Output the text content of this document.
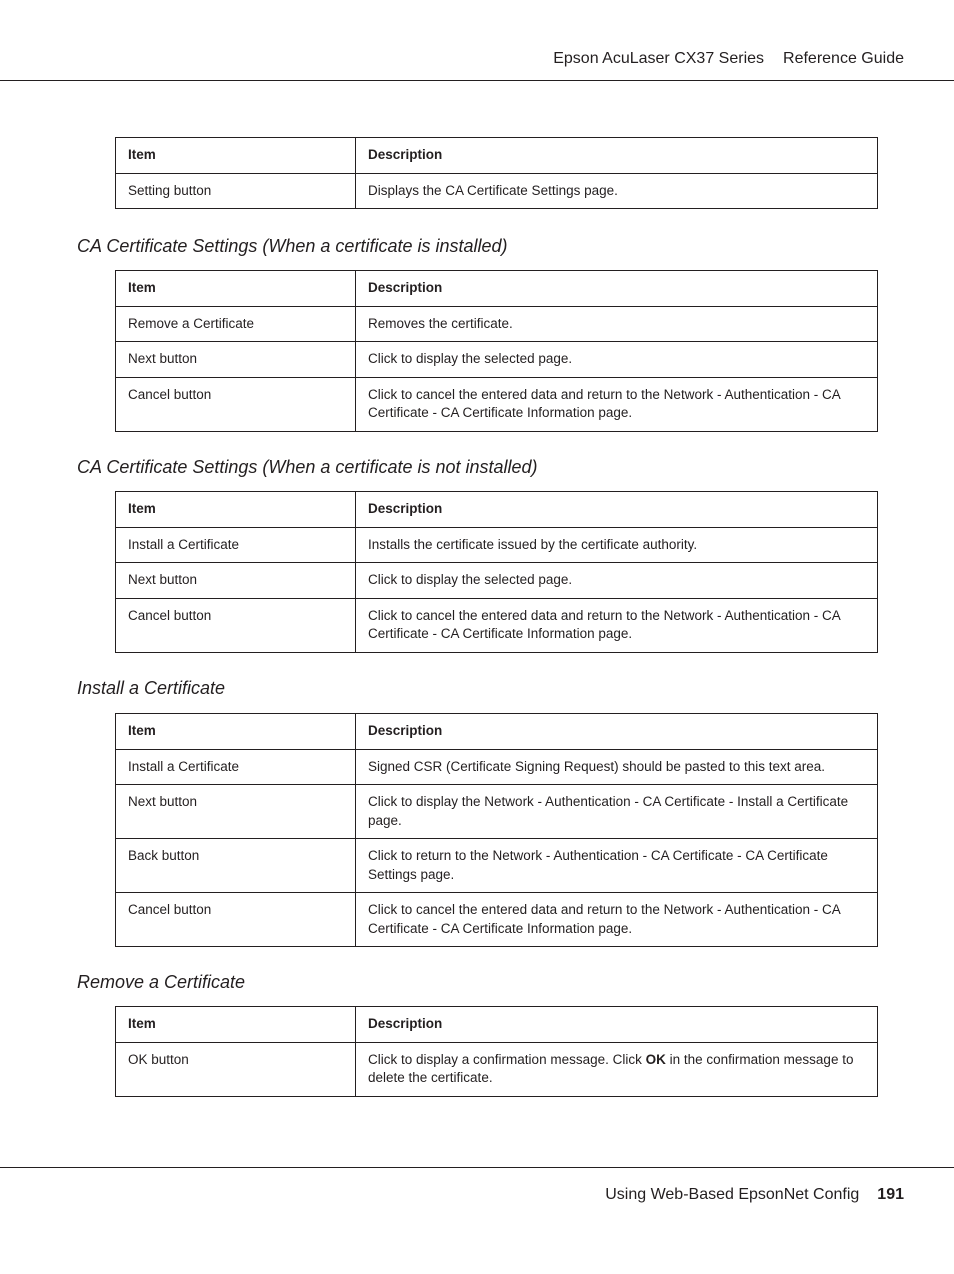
Epson AcuLaser CX37 Series Reference Guide
Item	Description
Setting button	Displays the CA Certificate Settings page.
CA Certificate Settings (When a certificate is installed)
Item	Description
Remove a Certificate	Removes the certificate.
Next button	Click to display the selected page.
Cancel button	Click to cancel the entered data and return to the Network - Authentication - CA Certificate - CA Certificate Information page.
CA Certificate Settings (When a certificate is not installed)
Item	Description
Install a Certificate	Installs the certificate issued by the certificate authority.
Next button	Click to display the selected page.
Cancel button	Click to cancel the entered data and return to the Network - Authentication - CA Certificate - CA Certificate Information page.
Install a Certificate
Item	Description
Install a Certificate	Signed CSR (Certificate Signing Request) should be pasted to this text area.
Next button	Click to display the Network - Authentication - CA Certificate - Install a Certificate page.
Back button	Click to return to the Network - Authentication - CA Certificate - CA Certificate Settings page.
Cancel button	Click to cancel the entered data and return to the Network - Authentication - CA Certificate - CA Certificate Information page.
Remove a Certificate
Item	Description
OK button	Click to display a confirmation message. Click OK in the confirmation message to delete the certificate.
Using Web-Based EpsonNet Config 191
